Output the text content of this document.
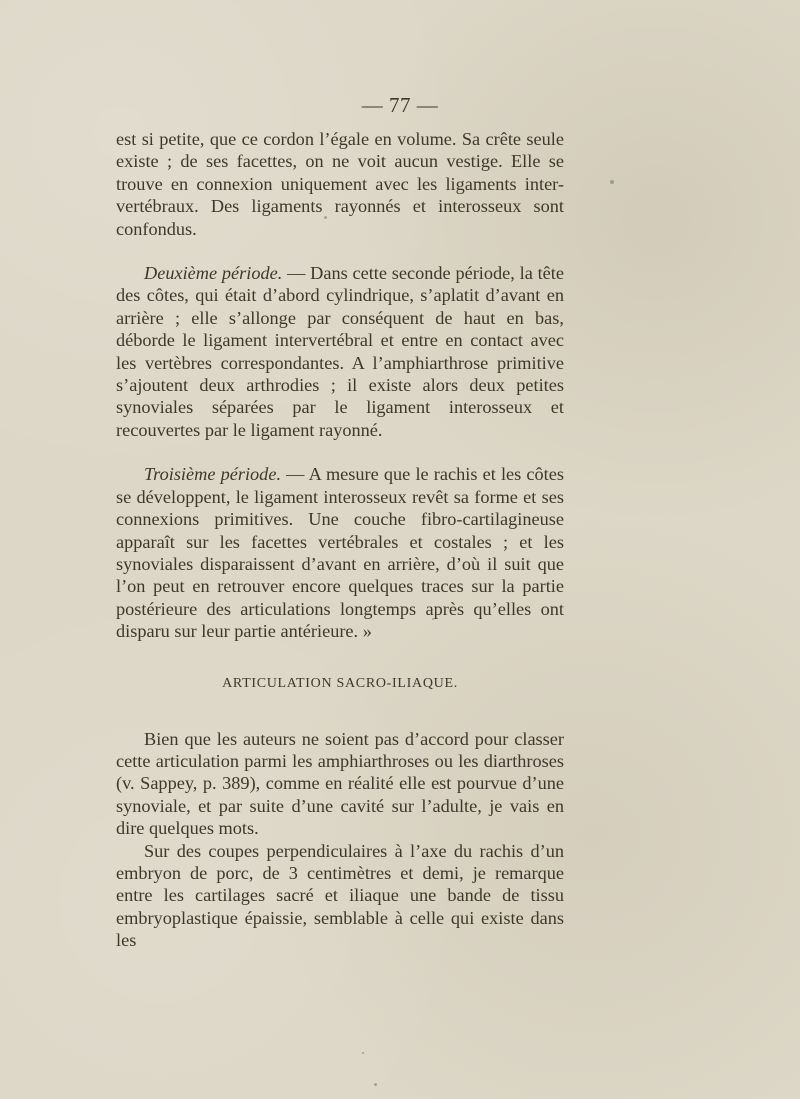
— 77 —

est si petite, que ce cordon l’égale en volume. Sa crête seule existe ; de ses facettes, on ne voit aucun vestige. Elle se trouve en connexion uniquement avec les ligaments inter-vertébraux. Des ligaments rayonnés et interosseux sont confondus.

Deuxième période. — Dans cette seconde période, la tête des côtes, qui était d’abord cylindrique, s’aplatit d’avant en arrière ; elle s’allonge par conséquent de haut en bas, déborde le ligament intervertébral et entre en contact avec les vertèbres correspondantes. A l’amphiarthrose primitive s’ajoutent deux arthrodies ; il existe alors deux petites synoviales séparées par le ligament interosseux et recouvertes par le ligament rayonné.

Troisième période. — A mesure que le rachis et les côtes se développent, le ligament interosseux revêt sa forme et ses connexions primitives. Une couche fibro-cartilagineuse apparaît sur les facettes vertébrales et costales ; et les synoviales disparaissent d’avant en arrière, d’où il suit que l’on peut en retrouver encore quelques traces sur la partie postérieure des articulations longtemps après qu’elles ont disparu sur leur partie antérieure. »

ARTICULATION SACRO-ILIAQUE.

Bien que les auteurs ne soient pas d’accord pour classer cette articulation parmi les amphiarthroses ou les diarthroses (v. Sappey, p. 389), comme en réalité elle est pourvue d’une synoviale, et par suite d’une cavité sur l’adulte, je vais en dire quelques mots.

Sur des coupes perpendiculaires à l’axe du rachis d’un embryon de porc, de 3 centimètres et demi, je remarque entre les cartilages sacré et iliaque une bande de tissu embryoplastique épaissie, semblable à celle qui existe dans les
